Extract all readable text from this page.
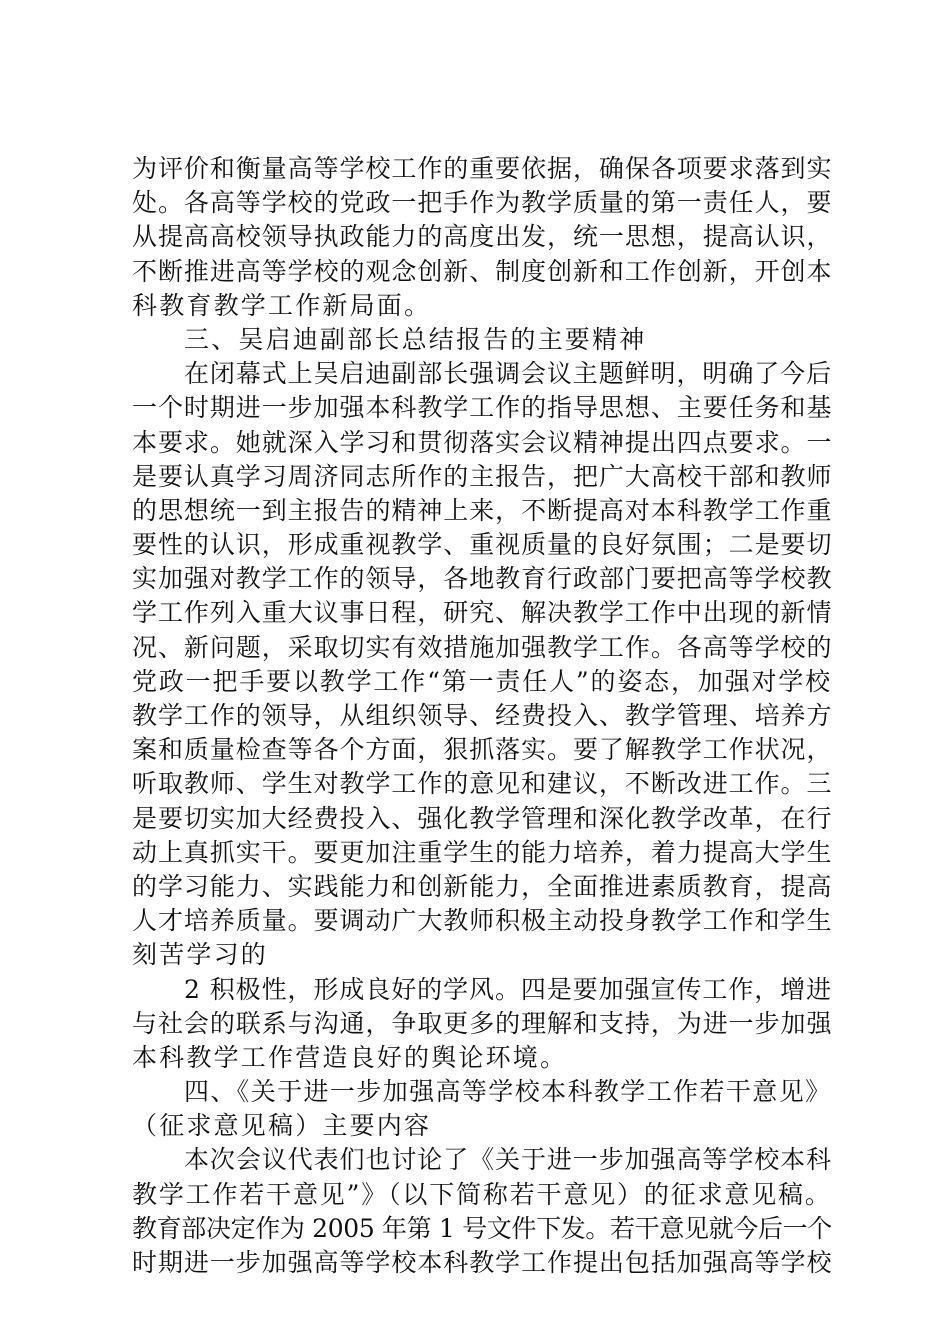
为评价和衡量高等学校工作的重要依据，确保各项要求落到实
处。各高等学校的党政一把手作为教学质量的第一责任人，要
从提高高校领导执政能力的高度出发，统一思想，提高认识，
不断推进高等学校的观念创新、制度创新和工作创新，开创本
科教育教学工作新局面。
三、吴启迪副部长总结报告的主要精神
在闭幕式上吴启迪副部长强调会议主题鲜明，明确了今后
一个时期进一步加强本科教学工作的指导思想、主要任务和基
本要求。她就深入学习和贯彻落实会议精神提出四点要求。一
是要认真学习周济同志所作的主报告，把广大高校干部和教师
的思想统一到主报告的精神上来，不断提高对本科教学工作重
要性的认识，形成重视教学、重视质量的良好氛围；二是要切
实加强对教学工作的领导，各地教育行政部门要把高等学校教
学工作列入重大议事日程，研究、解决教学工作中出现的新情
况、新问题，采取切实有效措施加强教学工作。各高等学校的
党政一把手要以教学工作“第一责任人”的姿态，加强对学校
教学工作的领导，从组织领导、经费投入、教学管理、培养方
案和质量检查等各个方面，狠抓落实。要了解教学工作状况，
听取教师、学生对教学工作的意见和建议，不断改进工作。三
是要切实加大经费投入、强化教学管理和深化教学改革，在行
动上真抓实干。要更加注重学生的能力培养，着力提高大学生
的学习能力、实践能力和创新能力，全面推进素质教育，提高
人才培养质量。要调动广大教师积极主动投身教学工作和学生
刻苦学习的
2 积极性，形成良好的学风。四是要加强宣传工作，增进
与社会的联系与沟通，争取更多的理解和支持，为进一步加强
本科教学工作营造良好的舆论环境。
四、《关于进一步加强高等学校本科教学工作若干意见》
（征求意见稿）主要内容
本次会议代表们也讨论了《关于进一步加强高等学校本科
教学工作若干意见”》（以下简称若干意见）的征求意见稿。
教育部决定作为 2005 年第 1 号文件下发。若干意见就今后一个
时期进一步加强高等学校本科教学工作提出包括加强高等学校
